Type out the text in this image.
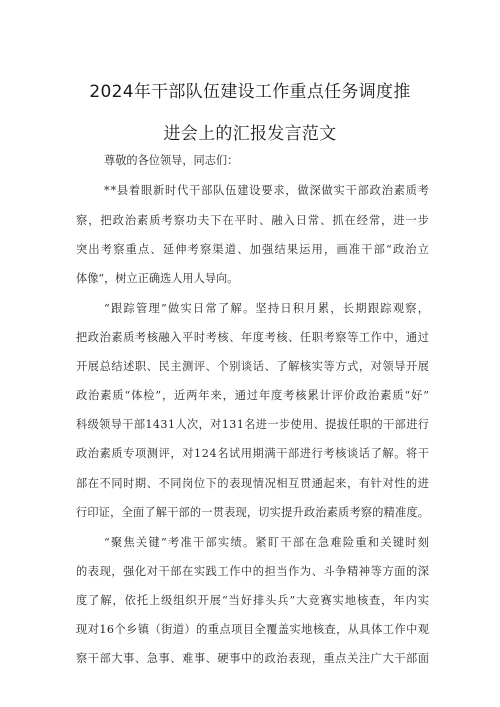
2024年干部队伍建设工作重点任务调度推
进会上的汇报发言范文
尊敬的各位领导，同志们：
**县着眼新时代干部队伍建设要求，做深做实干部政治素质考
察，把政治素质考察功夫下在平时、融入日常、抓在经常，进一步
突出考察重点、延伸考察渠道、加强结果运用，画准干部“政治立
体像“，树立正确选人用人导向。
“跟踪管理”做实日常了解。坚持日积月累，长期跟踪观察，
把政治素质考核融入平时考核、年度考核、任职考察等工作中，通过
开展总结述职、民主测评、个别谈话、了解核实等方式，对领导开展
政治素质“体检”，近两年来，通过年度考核累计评价政治素质“好”
科级领导干部1431人次，对131名进一步使用、提拔任职的干部进行
政治素质专项测评，对124名试用期满干部进行考核谈话了解。将干
部在不同时期、不同岗位下的表现情况相互贯通起来，有针对性的进
行印证，全面了解干部的一贯表现，切实提升政治素质考察的精准度。
“聚焦关键”考准干部实绩。紧盯干部在急难险重和关键时刻
的表现，强化对干部在实践工作中的担当作为、斗争精神等方面的深
度了解，依托上级组织开展“当好排头兵”大竞赛实地核查，年内实
现对16个乡镇（街道）的重点项目全覆盖实地核查，从具体工作中观
察干部大事、急事、难事、硬事中的政治表现，重点关注广大干部面
